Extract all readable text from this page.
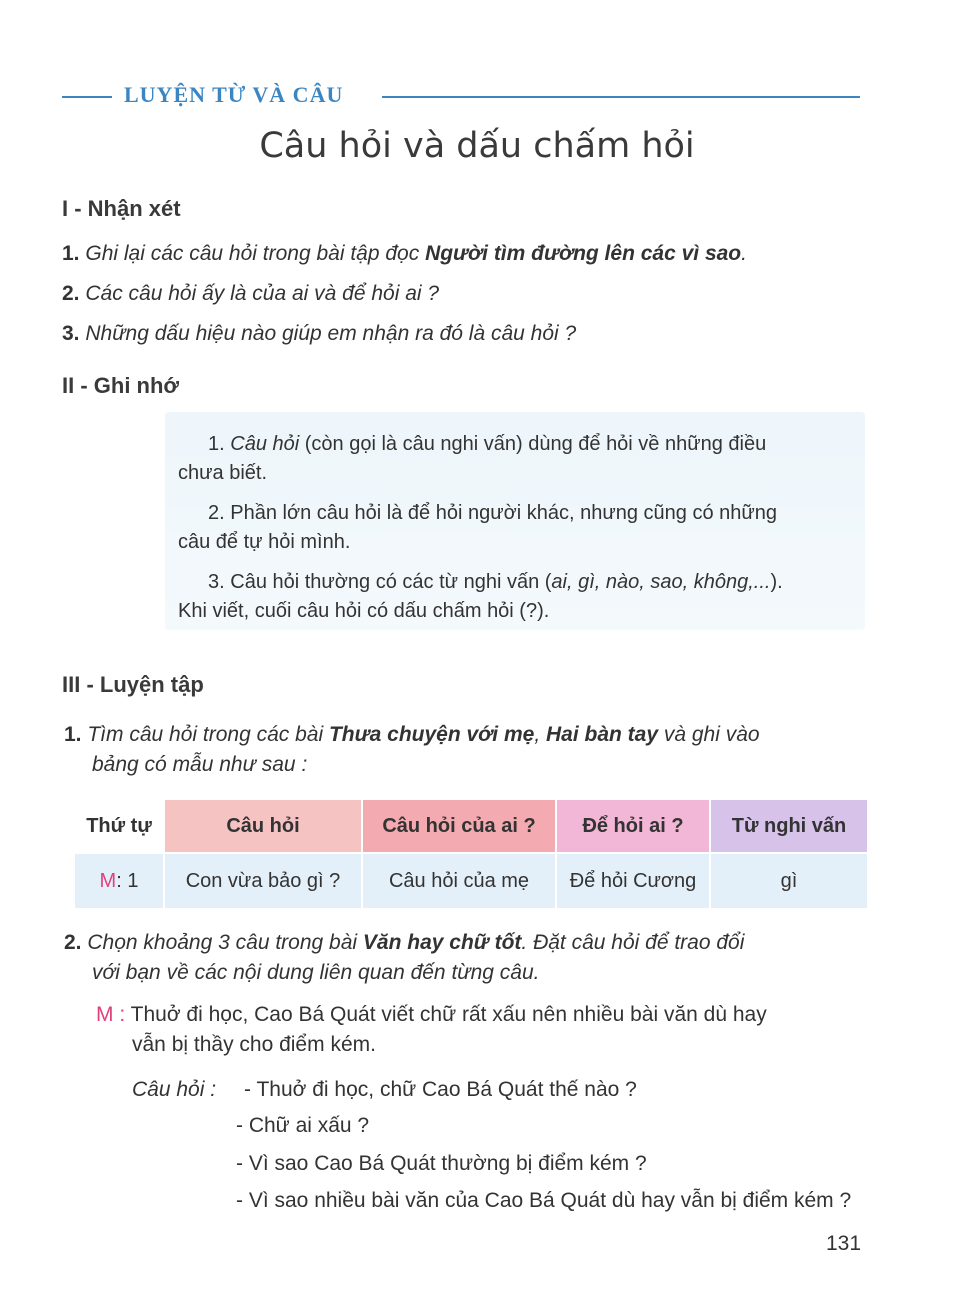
LUYỆN TỪ VÀ CÂU
Câu hỏi và dấu chấm hỏi
I - Nhận xét
1. Ghi lại các câu hỏi trong bài tập đọc Người tìm đường lên các vì sao.
2. Các câu hỏi ấy là của ai và để hỏi ai ?
3. Những dấu hiệu nào giúp em nhận ra đó là câu hỏi ?
II - Ghi nhớ
1. Câu hỏi (còn gọi là câu nghi vấn) dùng để hỏi về những điều
chưa biết.
2. Phần lớn câu hỏi là để hỏi người khác, nhưng cũng có những
câu để tự hỏi mình.
3. Câu hỏi thường có các từ nghi vấn (ai, gì, nào, sao, không,...).
Khi viết, cuối câu hỏi có dấu chấm hỏi (?).
III - Luyện tập
1. Tìm câu hỏi trong các bài Thưa chuyện với mẹ, Hai bàn tay và ghi vào
bảng có mẫu như sau :
Thứ tự	Câu hỏi	Câu hỏi của ai ?	Để hỏi ai ?	Từ nghi vấn
M : 1	Con vừa bảo gì ?	Câu hỏi của mẹ	Để hỏi Cương	gì
2. Chọn khoảng 3 câu trong bài Văn hay chữ tốt. Đặt câu hỏi để trao đổi
với bạn về các nội dung liên quan đến từng câu.
M : Thuở đi học, Cao Bá Quát viết chữ rất xấu nên nhiều bài văn dù hay
vẫn bị thầy cho điểm kém.
Câu hỏi : - Thuở đi học, chữ Cao Bá Quát thế nào ?
- Chữ ai xấu ?
- Vì sao Cao Bá Quát thường bị điểm kém ?
- Vì sao nhiều bài văn của Cao Bá Quát dù hay vẫn bị điểm kém ?
131
